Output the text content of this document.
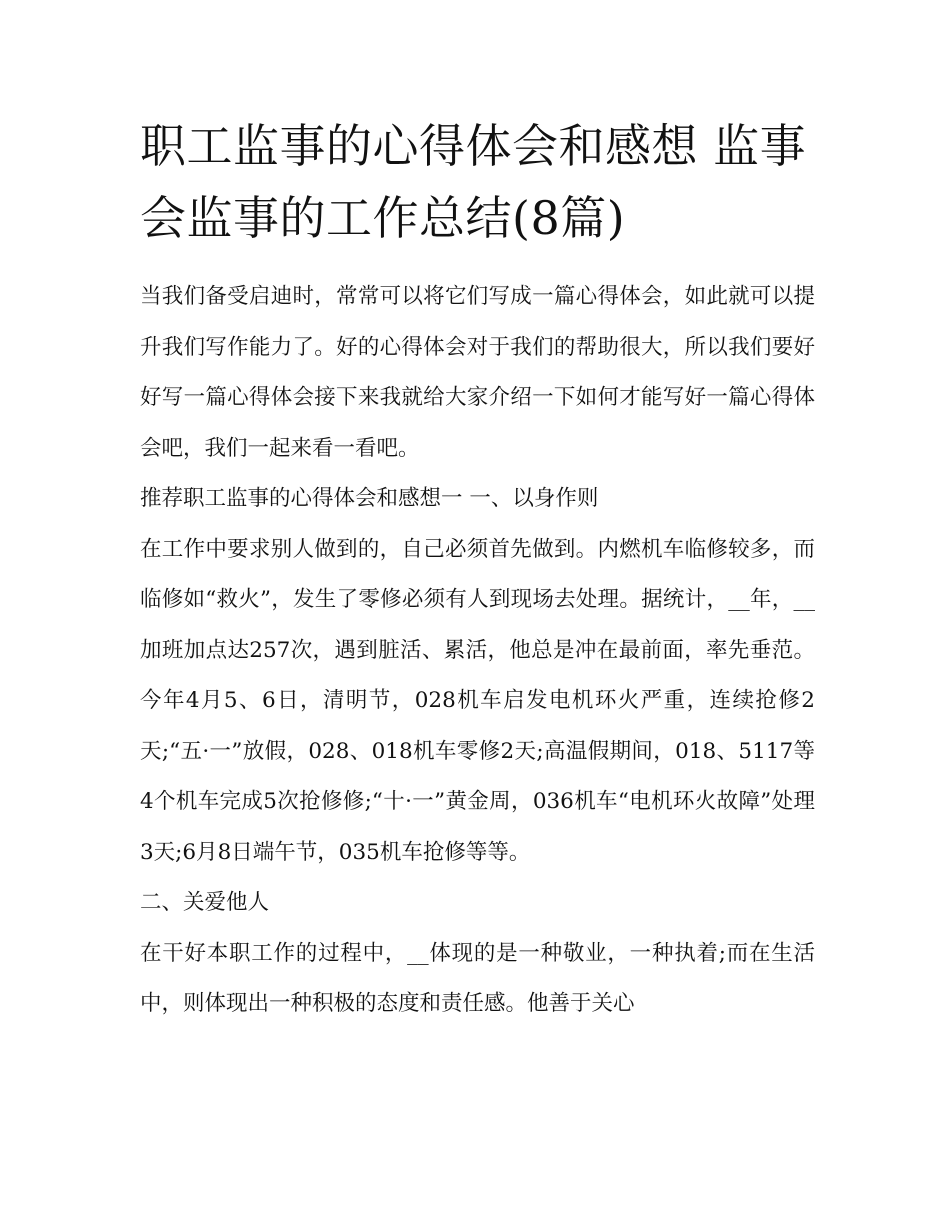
职工监事的心得体会和感想 监事会监事的工作总结(8篇)

当我们备受启迪时，常常可以将它们写成一篇心得体会，如此就可以提升我们写作能力了。好的心得体会对于我们的帮助很大，所以我们要好好写一篇心得体会接下来我就给大家介绍一下如何才能写好一篇心得体会吧，我们一起来看一看吧。

推荐职工监事的心得体会和感想一 一、以身作则

在工作中要求别人做到的，自己必须首先做到。内燃机车临修较多，而临修如“救火”，发生了零修必须有人到现场去处理。据统计，__年，__加班加点达257次，遇到脏活、累活，他总是冲在最前面，率先垂范。今年4月5、6日，清明节，028机车启发电机环火严重，连续抢修2天;“五·一”放假，028、018机车零修2天;高温假期间，018、5117等4个机车完成5次抢修修;“十·一”黄金周，036机车“电机环火故障”处理3天;6月8日端午节，035机车抢修等等。

二、关爱他人

在干好本职工作的过程中，__体现的是一种敬业，一种执着;而在生活中，则体现出一种积极的态度和责任感。他善于关心
